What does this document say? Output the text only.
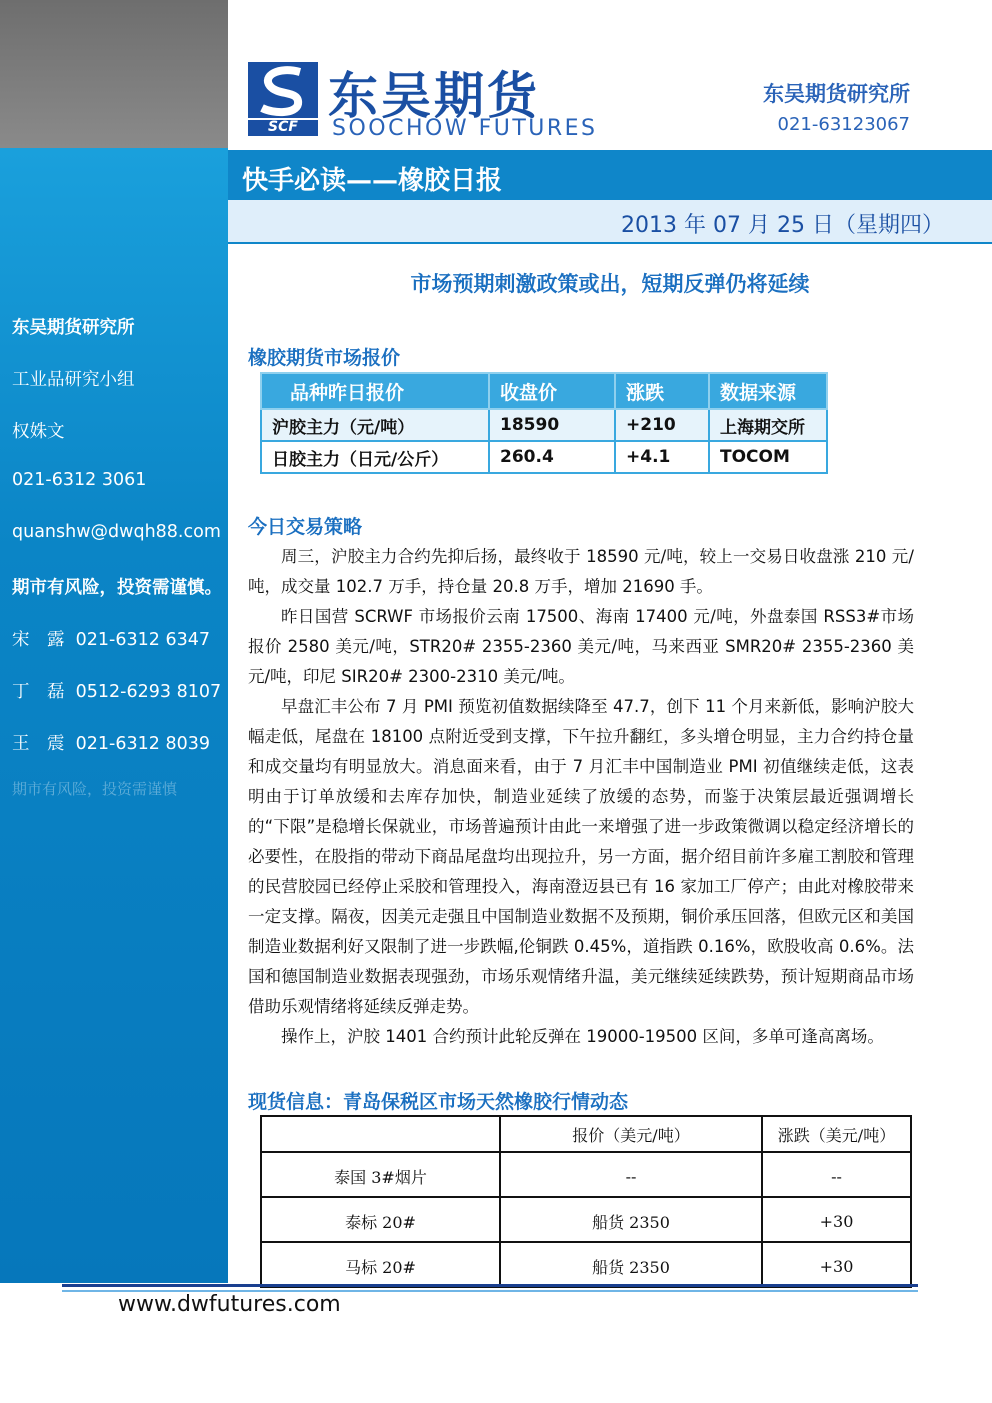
东吴期货研究所
工业品研究小组
权姝文
021-6312 3061
quanshw@dwqh88.com
期市有风险，投资需谨慎。
宋　露 021-6312 6347
丁　磊 0512-6293 8107
王　震 021-6312 8039
期市有风险，投资需谨慎
SCF
东吴期货
SOOCHOW FUTURES
东吴期货研究所
021-63123067
快手必读——橡胶日报
2013 年 07 月 25 日（星期四）
市场预期刺激政策或出，短期反弹仍将延续
橡胶期货市场报价
品种昨日报价	收盘价	涨跌	数据来源
沪胶主力（元/吨）	18590	+210	上海期交所
日胶主力（日元/公斤）	260.4	+4.1	TOCOM
今日交易策略

周三，沪胶主力合约先抑后扬，最终收于 18590 元/吨，较上一交易日收盘涨 210 元/吨，成交量 102.7 万手，持仓量 20.8 万手，增加 21690 手。

昨日国营 SCRWF 市场报价云南 17500、海南 17400 元/吨，外盘泰国 RSS3#市场报价 2580 美元/吨，STR20# 2355-2360 美元/吨，马来西亚 SMR20# 2355-2360 美元/吨，印尼 SIR20# 2300-2310 美元/吨。

早盘汇丰公布 7 月 PMI 预览初值数据续降至 47.7，创下 11 个月来新低，影响沪胶大幅走低，尾盘在 18100 点附近受到支撑，下午拉升翻红，多头增仓明显，主力合约持仓量和成交量均有明显放大。消息面来看，由于 7 月汇丰中国制造业 PMI 初值继续走低，这表明由于订单放缓和去库存加快，制造业延续了放缓的态势，而鉴于决策层最近强调增长的“下限”是稳增长保就业，市场普遍预计由此一来增强了进一步政策微调以稳定经济增长的必要性，在股指的带动下商品尾盘均出现拉升，另一方面，据介绍目前许多雇工割胶和管理的民营胶园已经停止采胶和管理投入，海南澄迈县已有 16 家加工厂停产；由此对橡胶带来一定支撑。隔夜，因美元走强且中国制造业数据不及预期，铜价承压回落，但欧元区和美国制造业数据利好又限制了进一步跌幅,伦铜跌 0.45%，道指跌 0.16%，欧股收高 0.6%。法国和德国制造业数据表现强劲，市场乐观情绪升温，美元继续延续跌势，预计短期商品市场借助乐观情绪将延续反弹走势。

操作上，沪胶 1401 合约预计此轮反弹在 19000-19500 区间，多单可逢高离场。

现货信息：青岛保税区市场天然橡胶行情动态
	报价（美元/吨）	涨跌（美元/吨）
泰国 3#烟片	--	--
泰标 20#	船货 2350	+30
马标 20#	船货 2350	+30
www.dwfutures.com
